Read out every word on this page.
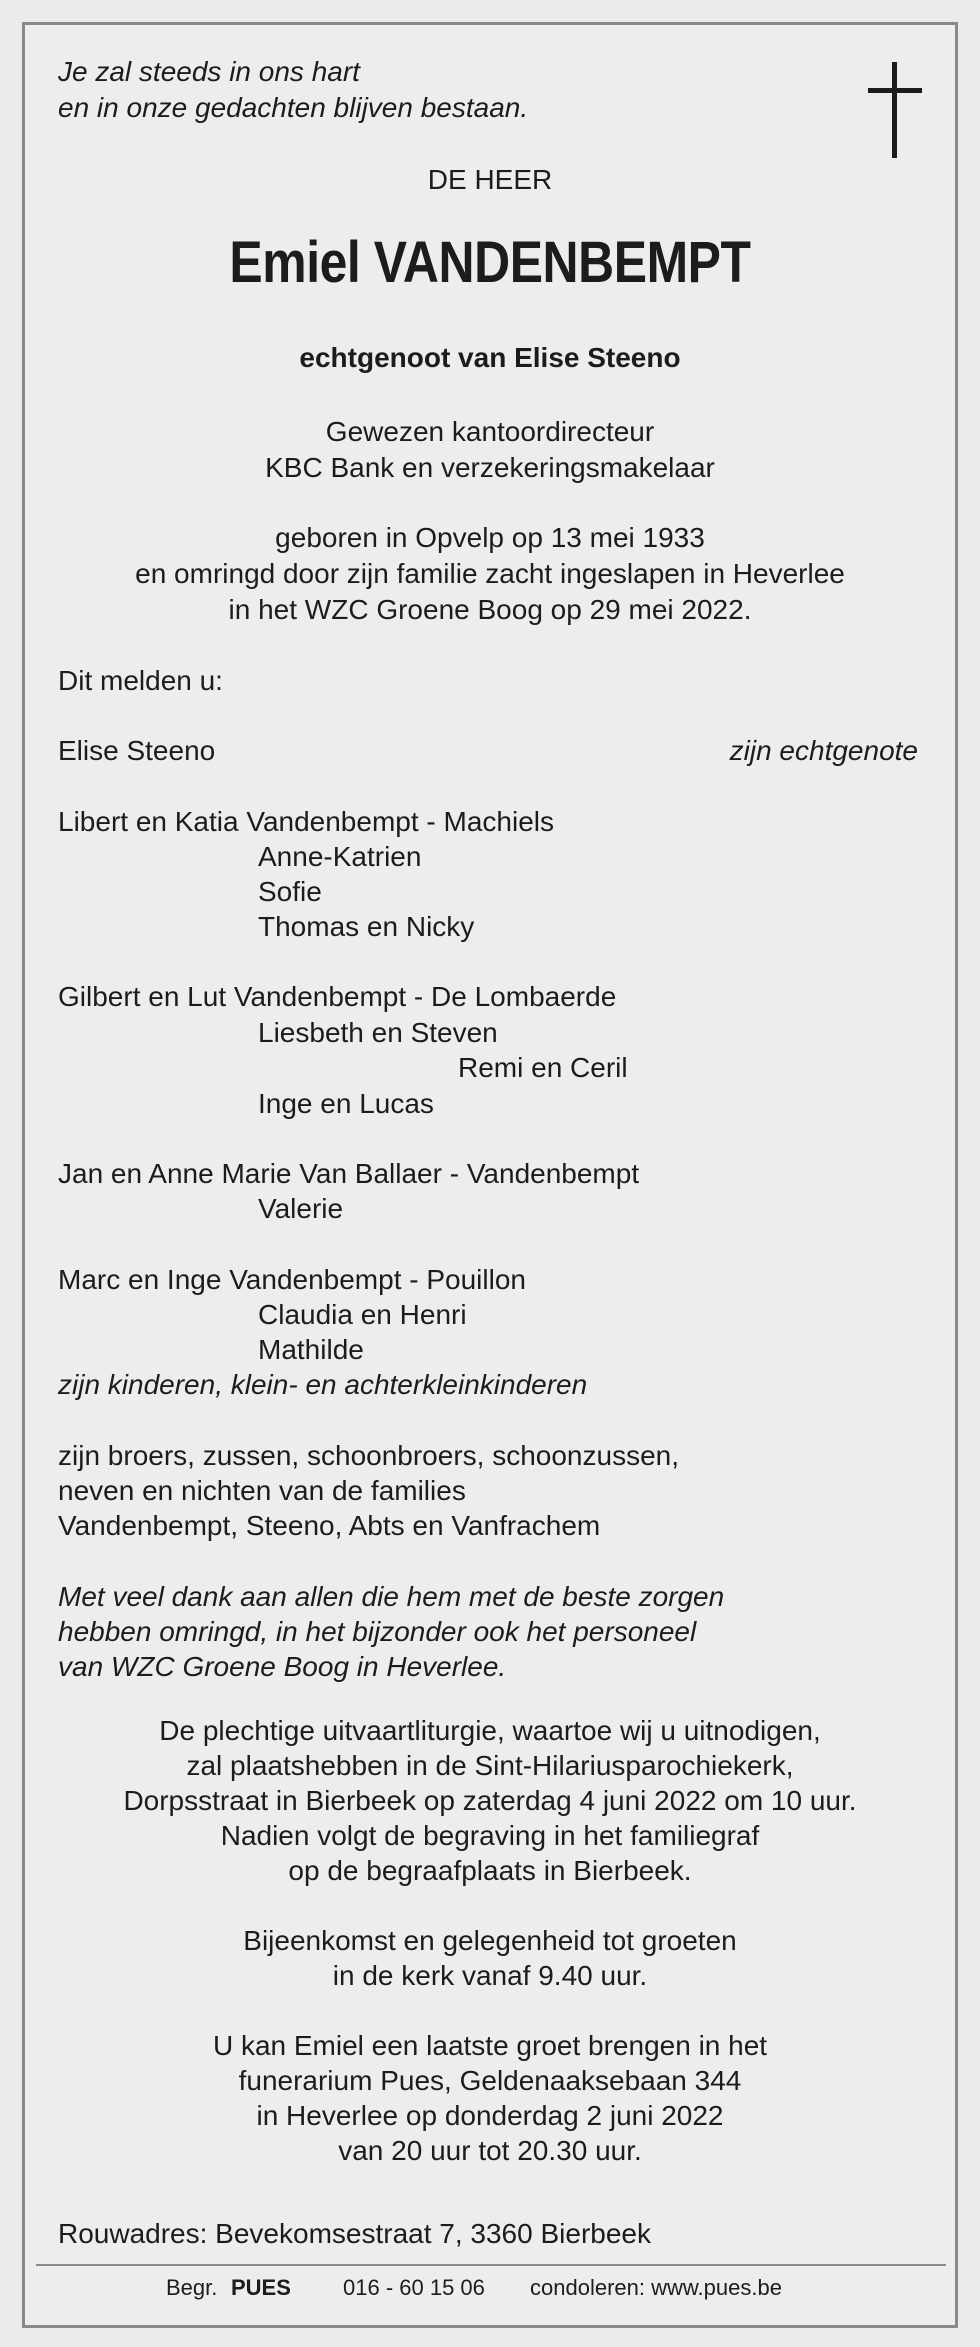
Je zal steeds in ons hart
en in onze gedachten blijven bestaan.
DE HEER
Emiel VANDENBEMPT
echtgenoot van Elise Steeno
Gewezen kantoordirecteur
KBC Bank en verzekeringsmakelaar
geboren in Opvelp op 13 mei 1933
en omringd door zijn familie zacht ingeslapen in Heverlee
in het WZC Groene Boog op 29 mei 2022.
Dit melden u:
Elise Steeno	zijn echtgenote
Libert en Katia Vandenbempt - Machiels
Anne-Katrien
Sofie
Thomas en Nicky
Gilbert en Lut Vandenbempt - De Lombaerde
Liesbeth en Steven
Remi en Ceril
Inge en Lucas
Jan en Anne Marie Van Ballaer - Vandenbempt
Valerie
Marc en Inge Vandenbempt - Pouillon
Claudia en Henri
Mathilde
zijn kinderen, klein- en achterkleinkinderen
zijn broers, zussen, schoonbroers, schoonzussen,
neven en nichten van de families
Vandenbempt, Steeno, Abts en Vanfrachem
Met veel dank aan allen die hem met de beste zorgen
hebben omringd, in het bijzonder ook het personeel
van WZC Groene Boog in Heverlee.
De plechtige uitvaartliturgie, waartoe wij u uitnodigen,
zal plaatshebben in de Sint-Hilariusparochiekerk,
Dorpsstraat in Bierbeek op zaterdag 4 juni 2022 om 10 uur.
Nadien volgt de begraving in het familiegraf
op de begraafplaats in Bierbeek.
Bijeenkomst en gelegenheid tot groeten
in de kerk vanaf 9.40 uur.
U kan Emiel een laatste groet brengen in het
funerarium Pues, Geldenaaksebaan 344
in Heverlee op donderdag 2 juni 2022
van 20 uur tot 20.30 uur.
Rouwadres: Bevekomsestraat 7, 3360 Bierbeek
Begr. PUES 016 - 60 15 06 condoleren: www.pues.be
